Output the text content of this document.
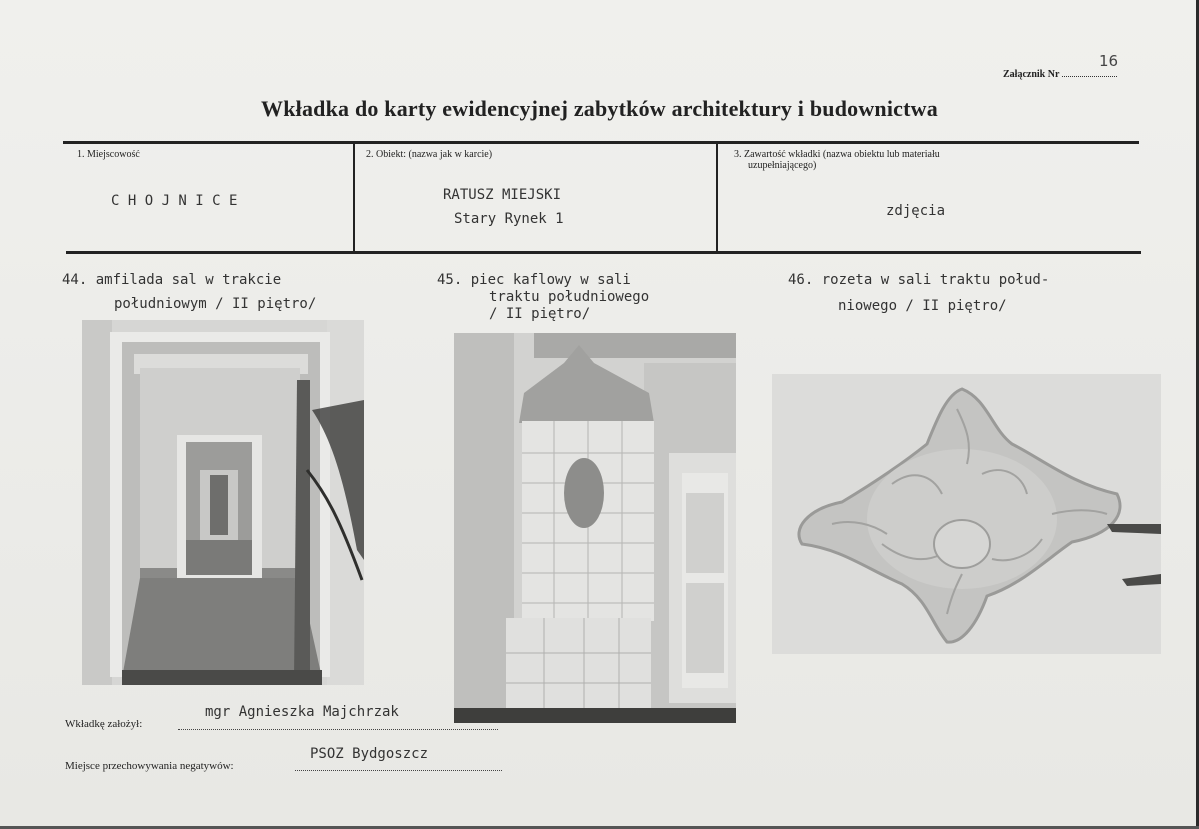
16
Załącznik Nr
Wkładka do karty ewidencyjnej zabytków architektury i budownictwa
1. Miejscowość
C H O J N I C E
2. Obiekt: (nazwa jak w karcie)
RATUSZ MIEJSKI
Stary Rynek 1
3. Zawartość wkładki (nazwa obiektu lub materiału
uzupełniającego)
zdjęcia
44. amfilada sal w trakcie
południowym / II piętro/
45. piec kaflowy w sali
traktu południowego
/ II piętro/
46. rozeta w sali traktu połud-
niowego / II piętro/
Wkładkę założył:
mgr Agnieszka Majchrzak
Miejsce przechowywania negatywów:
PSOZ Bydgoszcz
